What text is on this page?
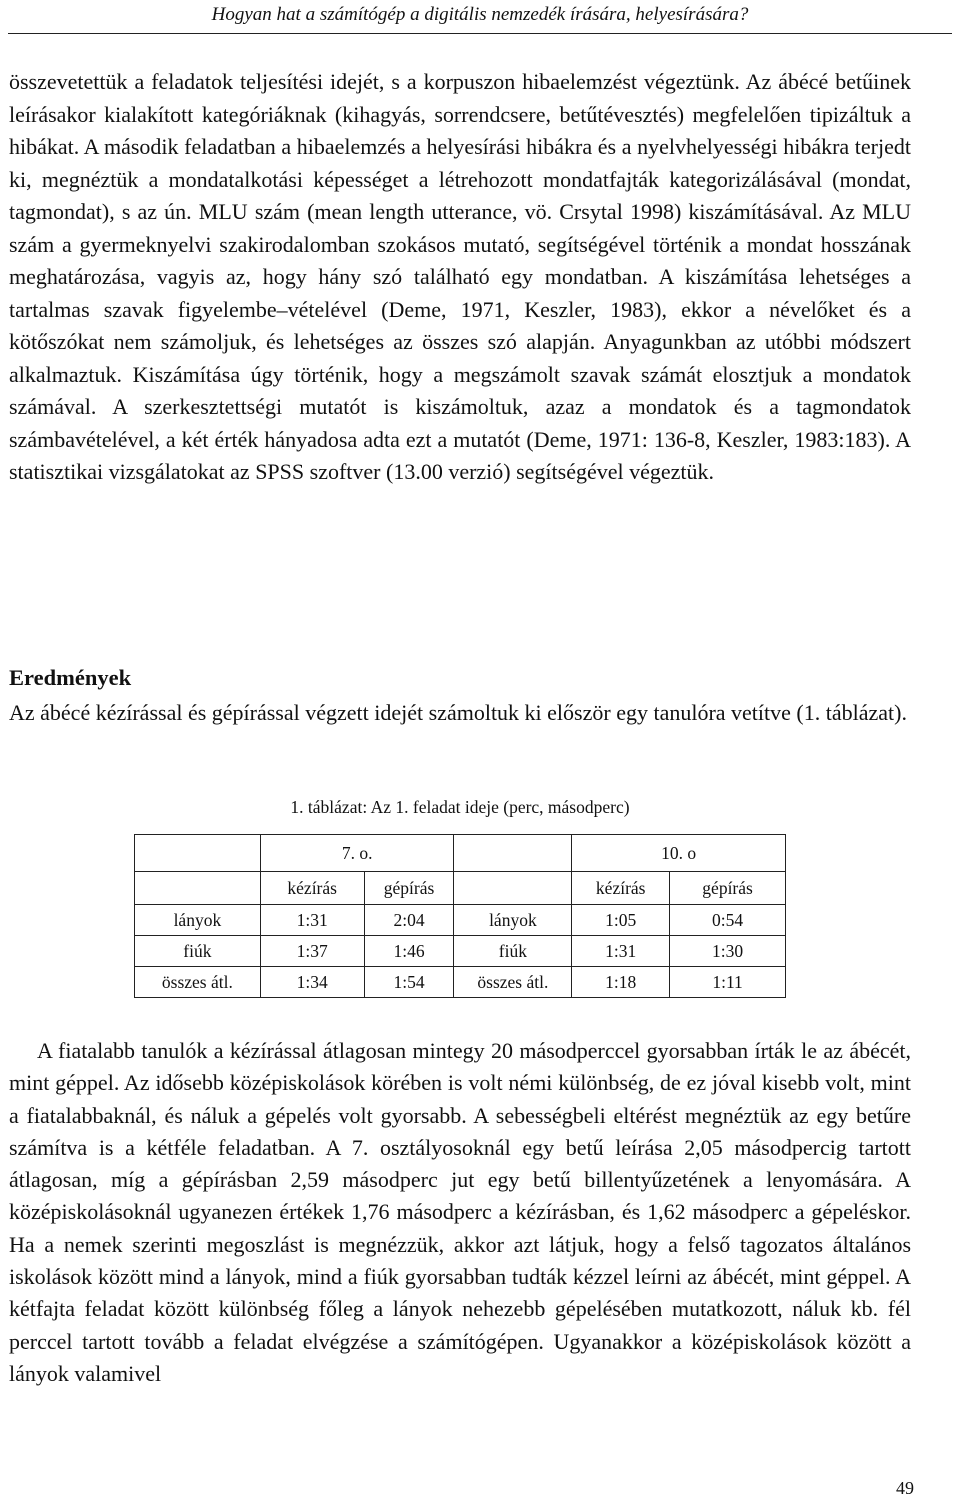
Hogyan hat a számítógép a digitális nemzedék írására, helyesírására?

összevetettük a feladatok teljesítési idejét, s a korpuszon hibaelemzést végeztünk. Az ábécé betűinek leírásakor kialakított kategóriáknak (kihagyás, sorrendcsere, betűtévesztés) megfelelően tipizáltuk a hibákat. A második feladatban a hibaelemzés a helyesírási hibákra és a nyelvhelyességi hibákra terjedt ki, megnéztük a mondatalkotási képességet a létrehozott mondatfajták kategorizálásával (mondat, tagmondat), s az ún. MLU szám (mean length utterance, vö. Crsytal 1998) kiszámításával. Az MLU szám a gyermeknyelvi szakirodalomban szokásos mutató, segítségével történik a mondat hosszának meghatározása, vagyis az, hogy hány szó található egy mondatban. A kiszámítása lehetséges a tartalmas szavak figyelembe–vételével (Deme, 1971, Keszler, 1983), ekkor a névelőket és a kötőszókat nem számoljuk, és lehetséges az összes szó alapján. Anyagunkban az utóbbi módszert alkalmaztuk. Kiszámítása úgy történik, hogy a megszámolt szavak számát elosztjuk a mondatok számával. A szerkesztettségi mutatót is kiszámoltuk, azaz a mondatok és a tagmondatok számbavételével, a két érték hányadosa adta ezt a mutatót (Deme, 1971: 136-8, Keszler, 1983:183). A statisztikai vizsgálatokat az SPSS szoftver (13.00 verzió) segítségével végeztük.

Eredmények

Az ábécé kézírással és gépírással végzett idejét számoltuk ki először egy tanulóra vetítve (1. táblázat).

1. táblázat: Az 1. feladat ideje (perc, másodperc)
	7. o.			10. o	
	kézírás	gépírás		kézírás	gépírás
lányok	1:31	2:04	lányok	1:05	0:54
fiúk	1:37	1:46	fiúk	1:31	1:30
összes átl.	1:34	1:54	összes átl.	1:18	1:11

A fiatalabb tanulók a kézírással átlagosan mintegy 20 másodperccel gyorsabban írták le az ábécét, mint géppel. Az idősebb középiskolások körében is volt némi különbség, de ez jóval kisebb volt, mint a fiatalabbaknál, és náluk a gépelés volt gyorsabb. A sebességbeli eltérést megnéztük az egy betűre számítva is a kétféle feladatban. A 7. osztályosoknál egy betű leírása 2,05 másodpercig tartott átlagosan, míg a gépírásban 2,59 másodperc jut egy betű billentyűzetének a lenyomására. A középiskolásoknál ugyanezen értékek 1,76 másodperc a kézírásban, és 1,62 másodperc a gépeléskor. Ha a nemek szerinti megoszlást is megnézzük, akkor azt látjuk, hogy a felső tagozatos általános iskolások között mind a lányok, mind a fiúk gyorsabban tudták kézzel leírni az ábécét, mint géppel. A kétfajta feladat között különbség főleg a lányok nehezebb gépelésében mutatkozott, náluk kb. fél perccel tartott tovább a feladat elvégzése a számítógépen. Ugyanakkor a középiskolások között a lányok valamivel

49
